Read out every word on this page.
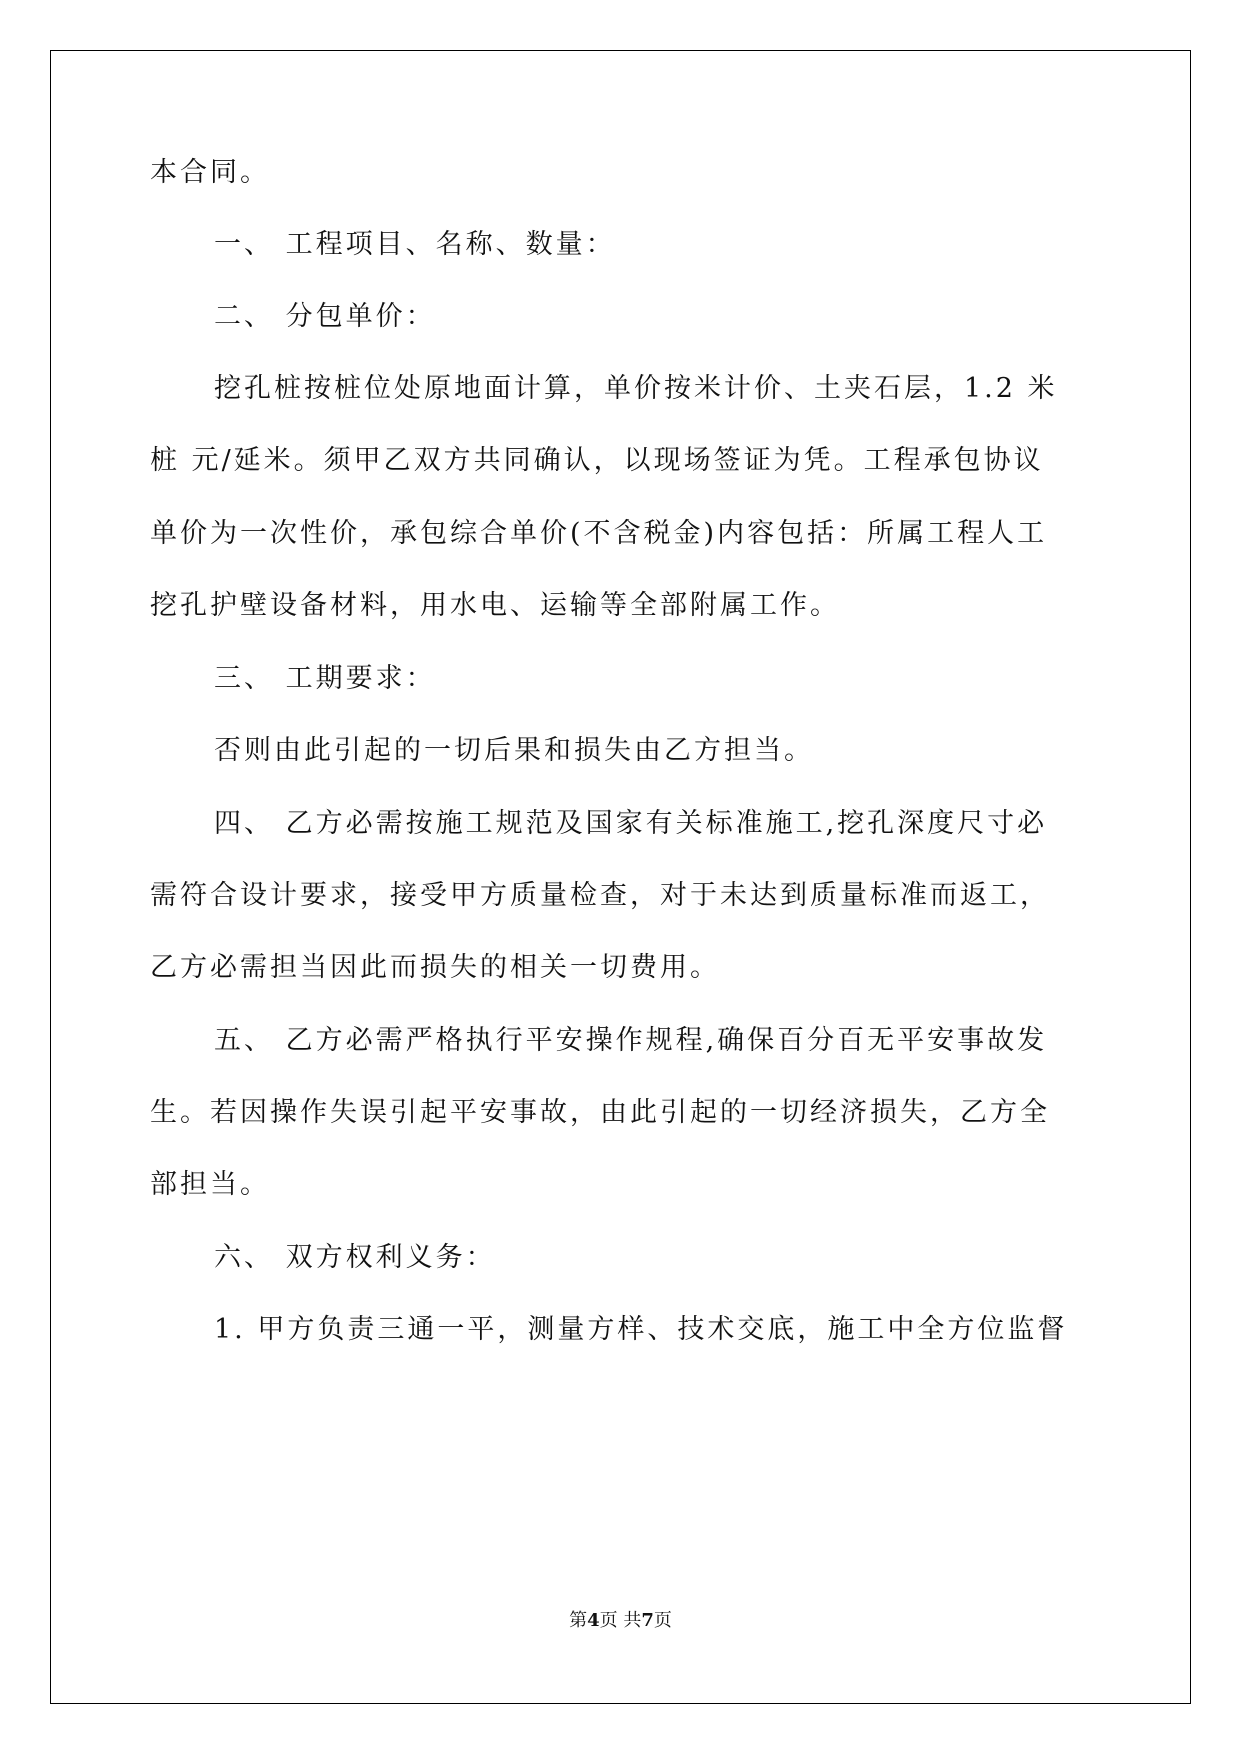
本合同。
一、 工程项目、名称、数量：
二、 分包单价：
挖孔桩按桩位处原地面计算，单价按米计价、土夹石层，1.2 米
桩 元/延米。须甲乙双方共同确认，以现场签证为凭。工程承包协议
单价为一次性价，承包综合单价(不含税金)内容包括：所属工程人工
挖孔护壁设备材料，用水电、运输等全部附属工作。
三、 工期要求：
否则由此引起的一切后果和损失由乙方担当。
四、 乙方必需按施工规范及国家有关标准施工,挖孔深度尺寸必
需符合设计要求，接受甲方质量检查，对于未达到质量标准而返工，
乙方必需担当因此而损失的相关一切费用。
五、 乙方必需严格执行平安操作规程,确保百分百无平安事故发
生。若因操作失误引起平安事故，由此引起的一切经济损失，乙方全
部担当。
六、 双方权利义务：
1. 甲方负责三通一平，测量方样、技术交底，施工中全方位监督
第4页 共7页
